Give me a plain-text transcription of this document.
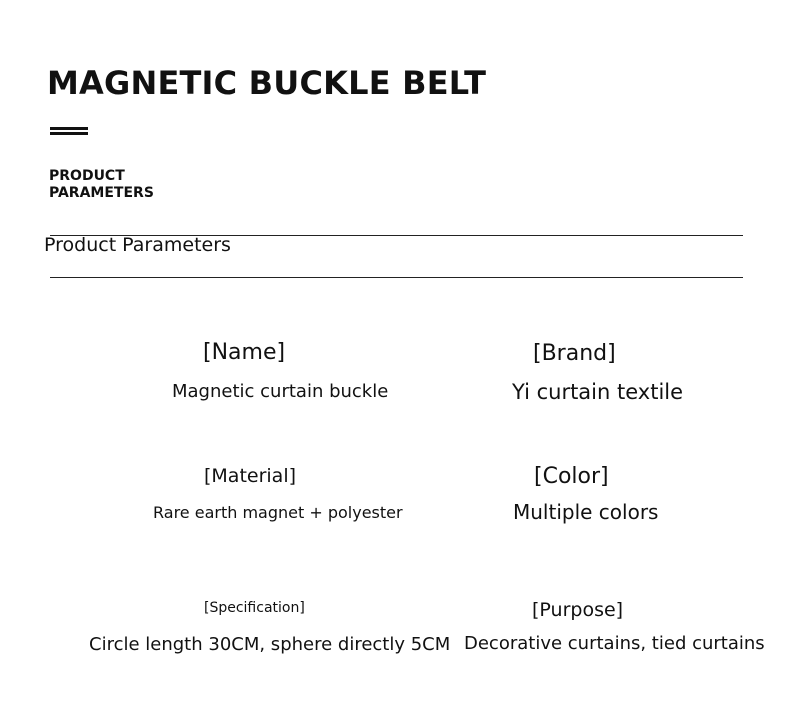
MAGNETIC BUCKLE BELT
PRODUCT
PARAMETERS
Product Parameters
[Name]
Magnetic curtain buckle
[Brand]
Yi curtain textile
[Material]
Rare earth magnet + polyester
[Color]
Multiple colors
[Specification]
Circle length 30CM, sphere directly 5CM
[Purpose]
Decorative curtains, tied curtains
